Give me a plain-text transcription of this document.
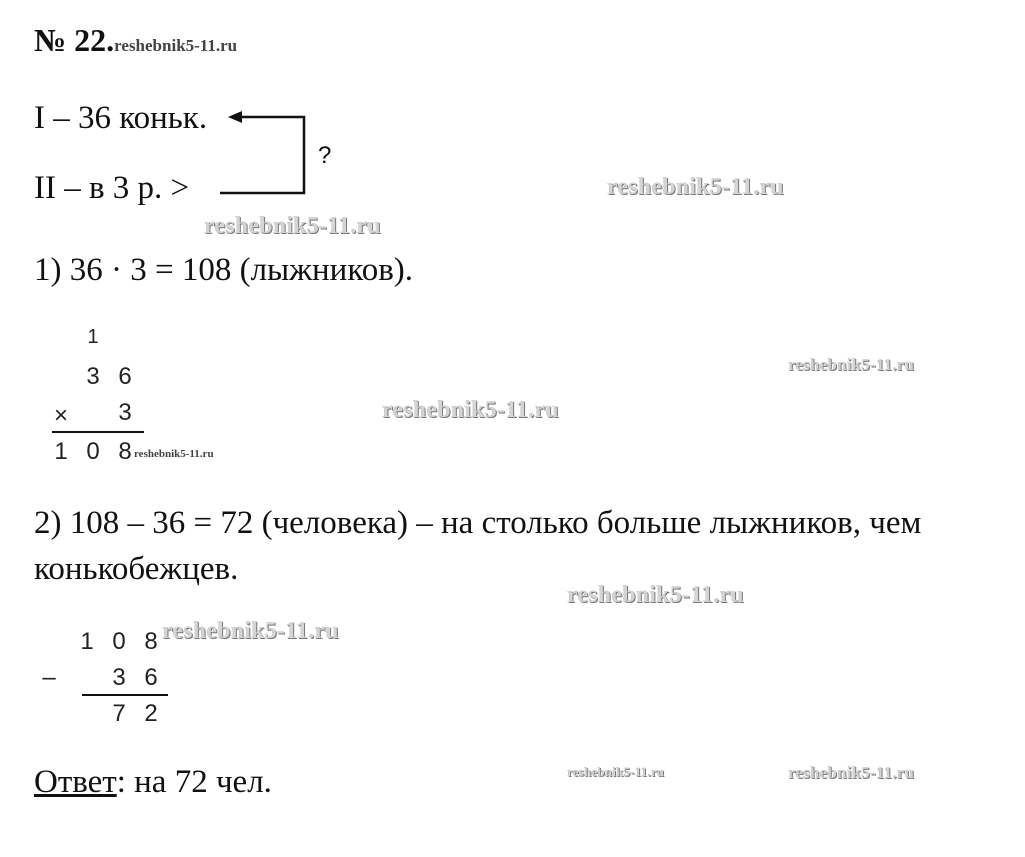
№ 22.reshebnik5-11.ru
I – 36 коньк.
II – в 3 р. >
?
1) 36 · 3 = 108 (лыжников).
1
3 6
×	3
1 0 8 reshebnik5-11.ru
2) 108 – 36 = 72 (человека) – на столько больше лыжников, чем
конькобежцев.
1 0 8
–	3 6
7 2
Ответ: на 72 чел.
reshebnik5-11.ru
reshebnik5-11.ru
reshebnik5-11.ru
reshebnik5-11.ru
reshebnik5-11.ru
reshebnik5-11.ru
reshebnik5-11.ru	reshebnik5-11.ru
